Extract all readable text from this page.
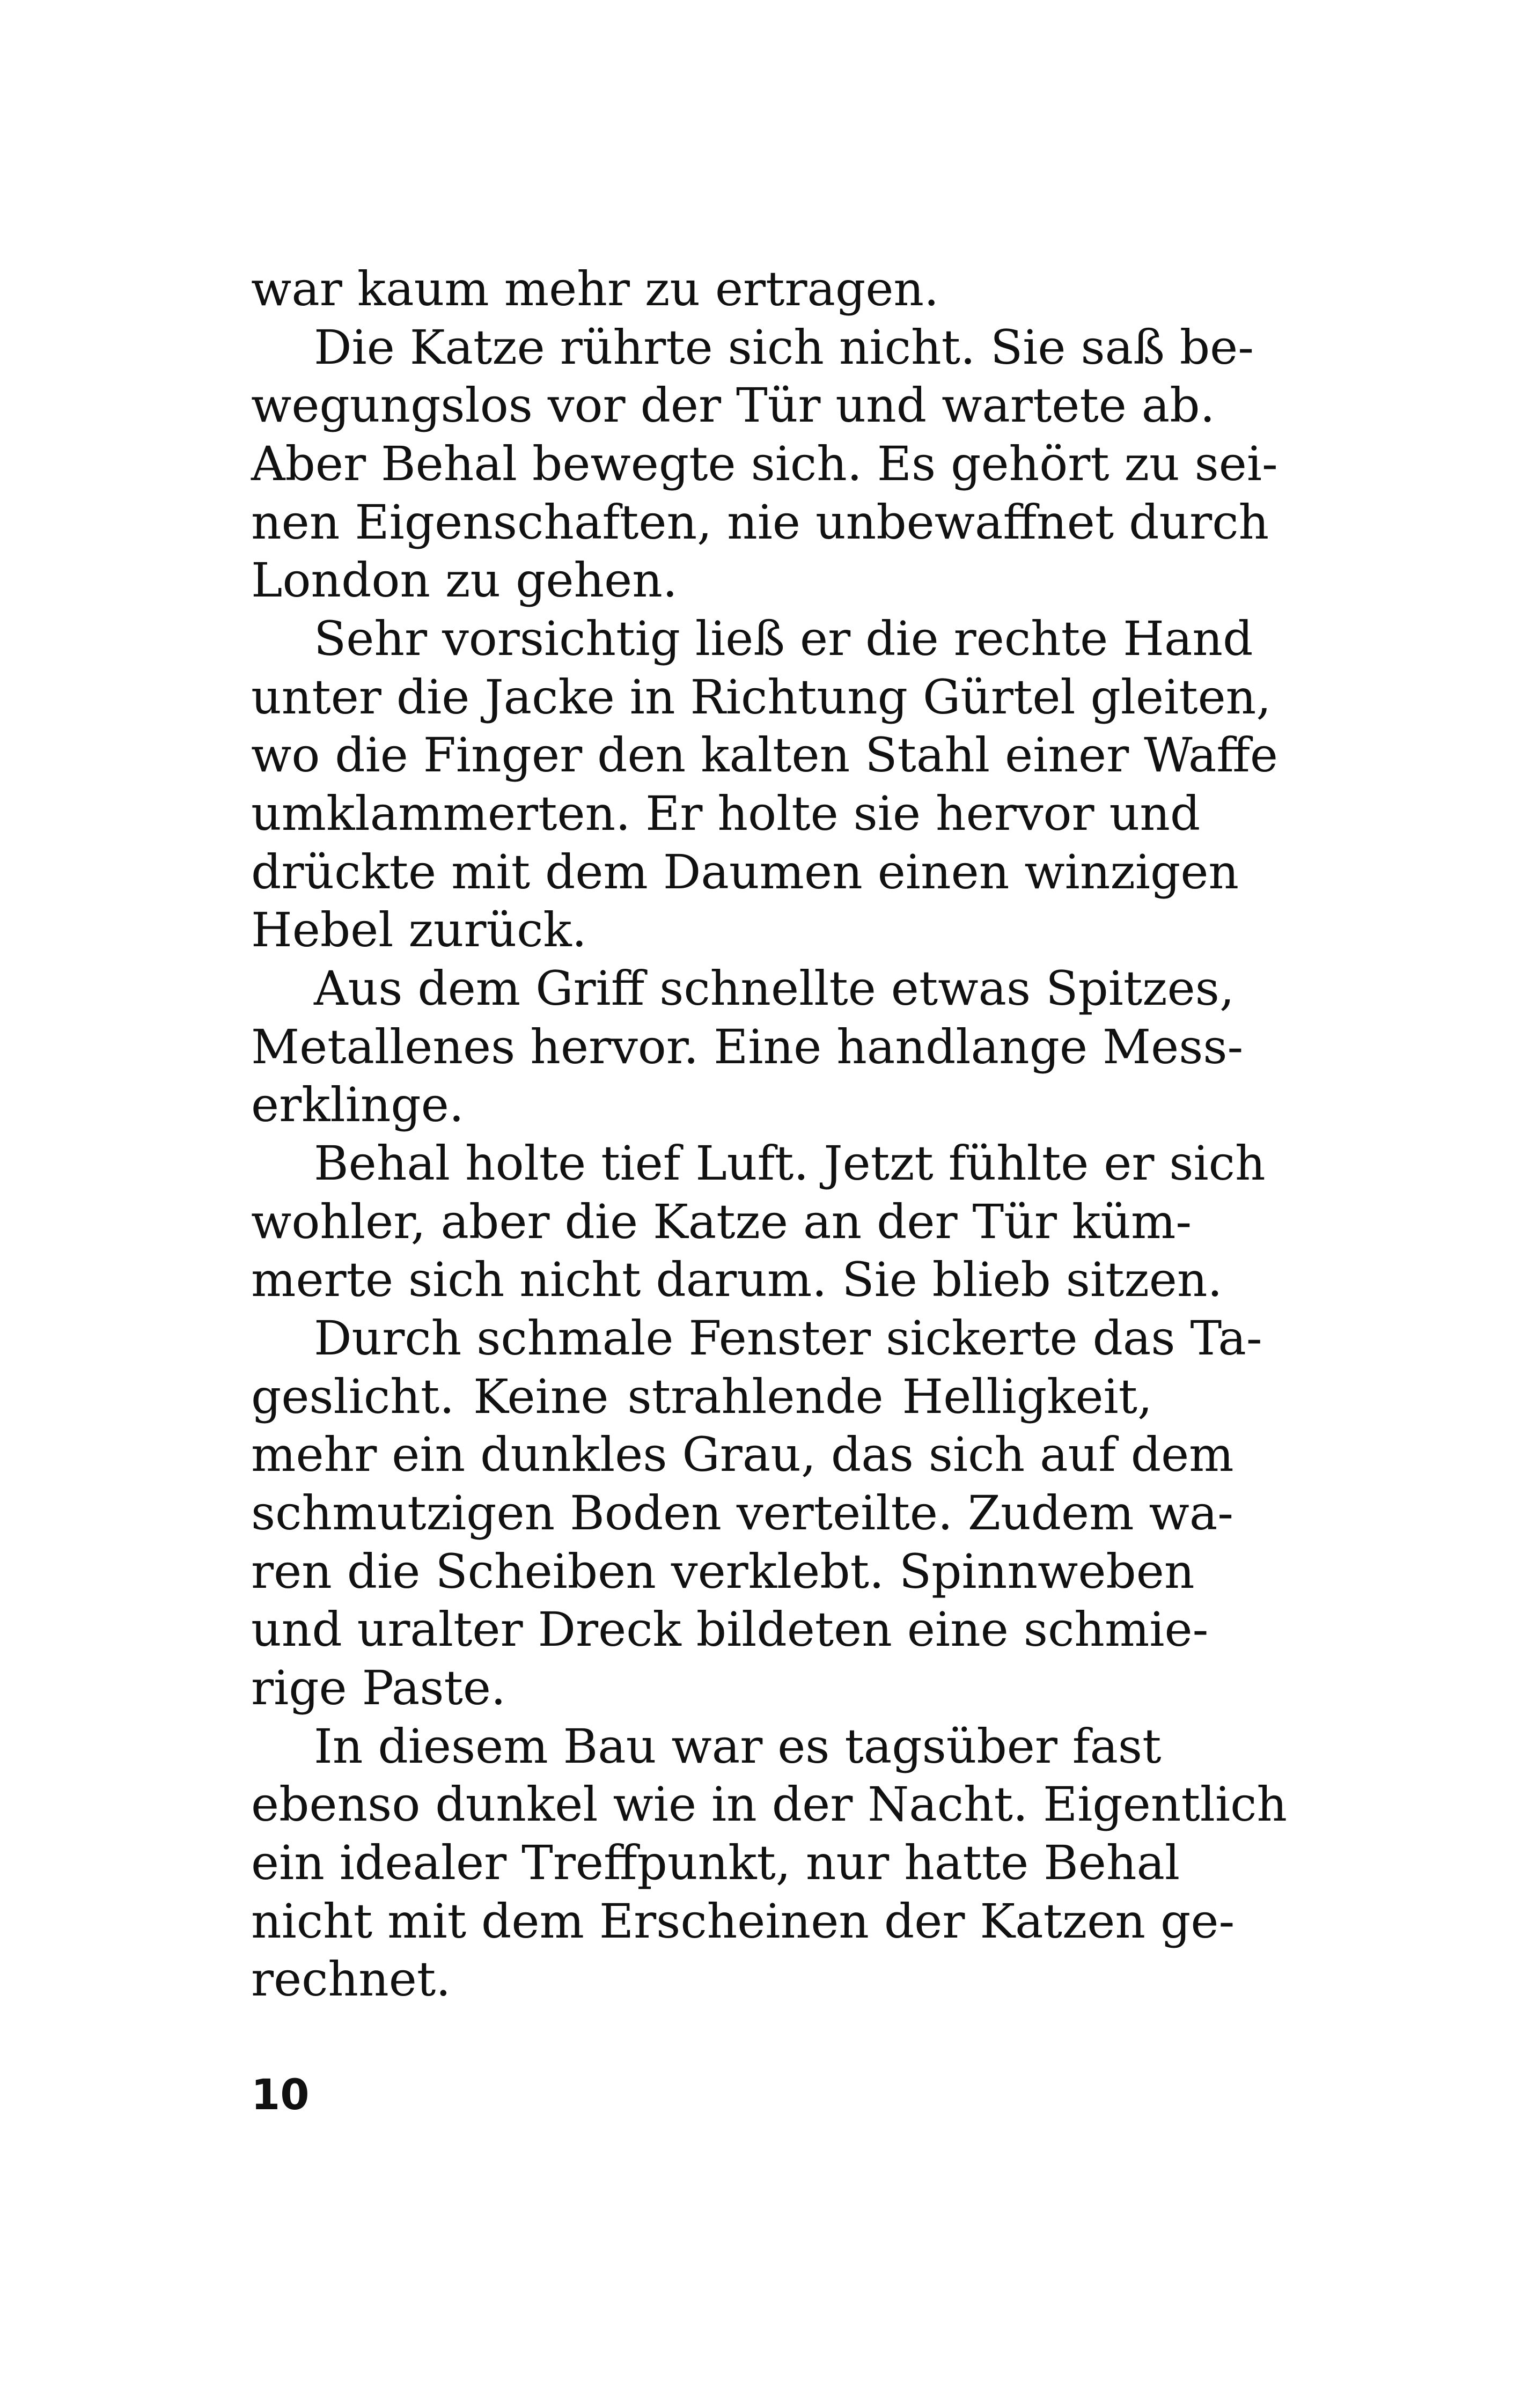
war kaum mehr zu ertragen.
Die Katze rührte sich nicht. Sie saß be-
wegungslos vor der Tür und wartete ab.
Aber Behal bewegte sich. Es gehört zu sei-
nen Eigenschaften, nie unbewaffnet durch
London zu gehen.
Sehr vorsichtig ließ er die rechte Hand
unter die Jacke in Richtung Gürtel gleiten,
wo die Finger den kalten Stahl einer Waffe
umklammerten. Er holte sie hervor und
drückte mit dem Daumen einen winzigen
Hebel zurück.
Aus dem Griff schnellte etwas Spitzes,
Metallenes hervor. Eine handlange Mess-
erklinge.
Behal holte tief Luft. Jetzt fühlte er sich
wohler, aber die Katze an der Tür küm-
merte sich nicht darum. Sie blieb sitzen.
Durch schmale Fenster sickerte das Ta-
geslicht. Keine strahlende Helligkeit,
mehr ein dunkles Grau, das sich auf dem
schmutzigen Boden verteilte. Zudem wa-
ren die Scheiben verklebt. Spinnweben
und uralter Dreck bildeten eine schmie-
rige Paste.
In diesem Bau war es tagsüber fast
ebenso dunkel wie in der Nacht. Eigentlich
ein idealer Treffpunkt, nur hatte Behal
nicht mit dem Erscheinen der Katzen ge-
rechnet.
10
